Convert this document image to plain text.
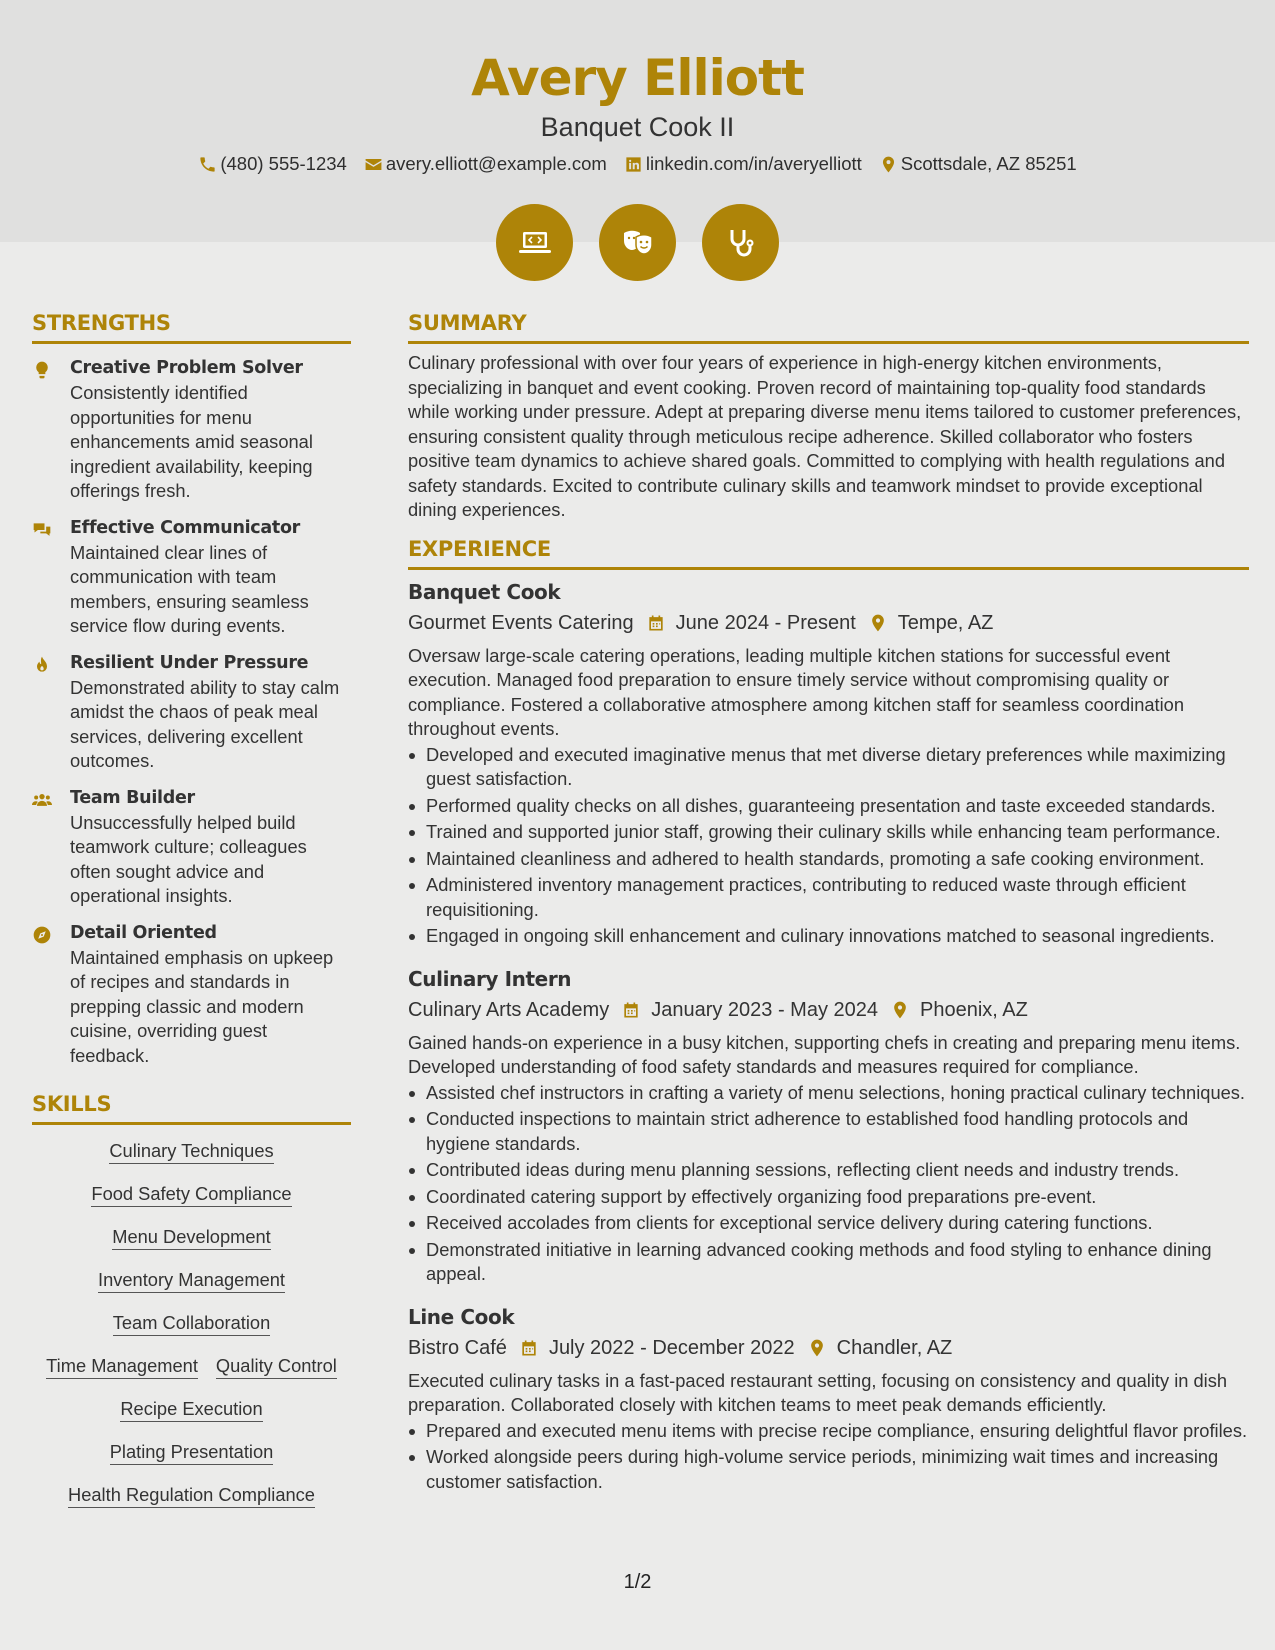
Avery Elliott
Banquet Cook II
(480) 555-1234 avery.elliott@example.com linkedin.com/in/averyelliott Scottsdale, AZ 85251
STRENGTHS
Creative Problem Solver
Consistently identified opportunities for menu enhancements amid seasonal ingredient availability, keeping offerings fresh.
Effective Communicator
Maintained clear lines of communication with team members, ensuring seamless service flow during events.
Resilient Under Pressure
Demonstrated ability to stay calm amidst the chaos of peak meal services, delivering excellent outcomes.
Team Builder
Unsuccessfully helped build teamwork culture; colleagues often sought advice and operational insights.
Detail Oriented
Maintained emphasis on upkeep of recipes and standards in prepping classic and modern cuisine, overriding guest feedback.
SKILLS
Culinary Techniques
Food Safety Compliance
Menu Development
Inventory Management
Team Collaboration
Time Management Quality Control
Recipe Execution
Plating Presentation
Health Regulation Compliance
SUMMARY
Culinary professional with over four years of experience in high-energy kitchen environments, specializing in banquet and event cooking. Proven record of maintaining top-quality food standards while working under pressure. Adept at preparing diverse menu items tailored to customer preferences, ensuring consistent quality through meticulous recipe adherence. Skilled collaborator who fosters positive team dynamics to achieve shared goals. Committed to complying with health regulations and safety standards. Excited to contribute culinary skills and teamwork mindset to provide exceptional dining experiences.
EXPERIENCE
Banquet Cook
Gourmet Events Catering June 2024 - Present Tempe, AZ
Oversaw large-scale catering operations, leading multiple kitchen stations for successful event execution. Managed food preparation to ensure timely service without compromising quality or compliance. Fostered a collaborative atmosphere among kitchen staff for seamless coordination throughout events.
Developed and executed imaginative menus that met diverse dietary preferences while maximizing guest satisfaction.
Performed quality checks on all dishes, guaranteeing presentation and taste exceeded standards.
Trained and supported junior staff, growing their culinary skills while enhancing team performance.
Maintained cleanliness and adhered to health standards, promoting a safe cooking environment.
Administered inventory management practices, contributing to reduced waste through efficient requisitioning.
Engaged in ongoing skill enhancement and culinary innovations matched to seasonal ingredients.
Culinary Intern
Culinary Arts Academy January 2023 - May 2024 Phoenix, AZ
Gained hands-on experience in a busy kitchen, supporting chefs in creating and preparing menu items. Developed understanding of food safety standards and measures required for compliance.
Assisted chef instructors in crafting a variety of menu selections, honing practical culinary techniques.
Conducted inspections to maintain strict adherence to established food handling protocols and hygiene standards.
Contributed ideas during menu planning sessions, reflecting client needs and industry trends.
Coordinated catering support by effectively organizing food preparations pre-event.
Received accolades from clients for exceptional service delivery during catering functions.
Demonstrated initiative in learning advanced cooking methods and food styling to enhance dining appeal.
Line Cook
Bistro Café July 2022 - December 2022 Chandler, AZ
Executed culinary tasks in a fast-paced restaurant setting, focusing on consistency and quality in dish preparation. Collaborated closely with kitchen teams to meet peak demands efficiently.
Prepared and executed menu items with precise recipe compliance, ensuring delightful flavor profiles.
Worked alongside peers during high-volume service periods, minimizing wait times and increasing customer satisfaction.
1/2
